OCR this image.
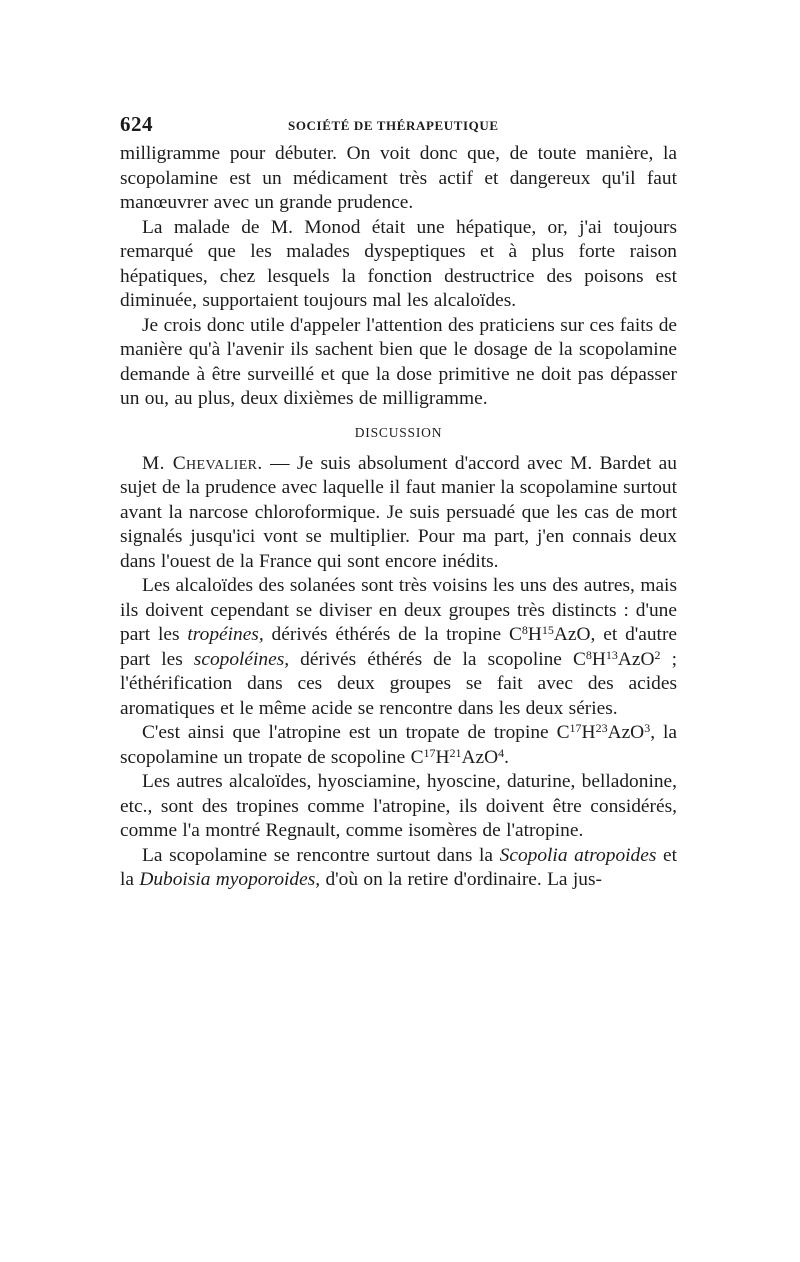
624	SOCIÉTÉ DE THÉRAPEUTIQUE

milligramme pour débuter. On voit donc que, de toute manière, la scopolamine est un médicament très actif et dangereux qu'il faut manœuvrer avec un grande prudence.

La malade de M. Monod était une hépatique, or, j'ai toujours remarqué que les malades dyspeptiques et à plus forte raison hépatiques, chez lesquels la fonction destructrice des poisons est diminuée, supportaient toujours mal les alcaloïdes.

Je crois donc utile d'appeler l'attention des praticiens sur ces faits de manière qu'à l'avenir ils sachent bien que le dosage de la scopolamine demande à être surveillé et que la dose primitive ne doit pas dépasser un ou, au plus, deux dixièmes de milligramme.

DISCUSSION

M. Chevalier. — Je suis absolument d'accord avec M. Bardet au sujet de la prudence avec laquelle il faut manier la scopolamine surtout avant la narcose chloroformique. Je suis persuadé que les cas de mort signalés jusqu'ici vont se multiplier. Pour ma part, j'en connais deux dans l'ouest de la France qui sont encore inédits.

Les alcaloïdes des solanées sont très voisins les uns des autres, mais ils doivent cependant se diviser en deux groupes très distincts : d'une part les tropéines, dérivés éthérés de la tropine $C^8H^{15}AzO$, et d'autre part les scopoléines, dérivés éthérés de la scopoline $C^8H^{13}AzO^2$ ; l'éthérification dans ces deux groupes se fait avec des acides aromatiques et le même acide se rencontre dans les deux séries.

C'est ainsi que l'atropine est un tropate de tropine $C^{17}H^{23}AzO^3$, la scopolamine un tropate de scopoline $C^{17}H^{21}AzO^4$.

Les autres alcaloïdes, hyosciamine, hyoscine, daturine, belladonine, etc., sont des tropines comme l'atropine, ils doivent être considérés, comme l'a montré Regnault, comme isomères de l'atropine.

La scopolamine se rencontre surtout dans la Scopolia atropoides et la Duboisia myoporoides, d'où on la retire d'ordinaire. La jus-
